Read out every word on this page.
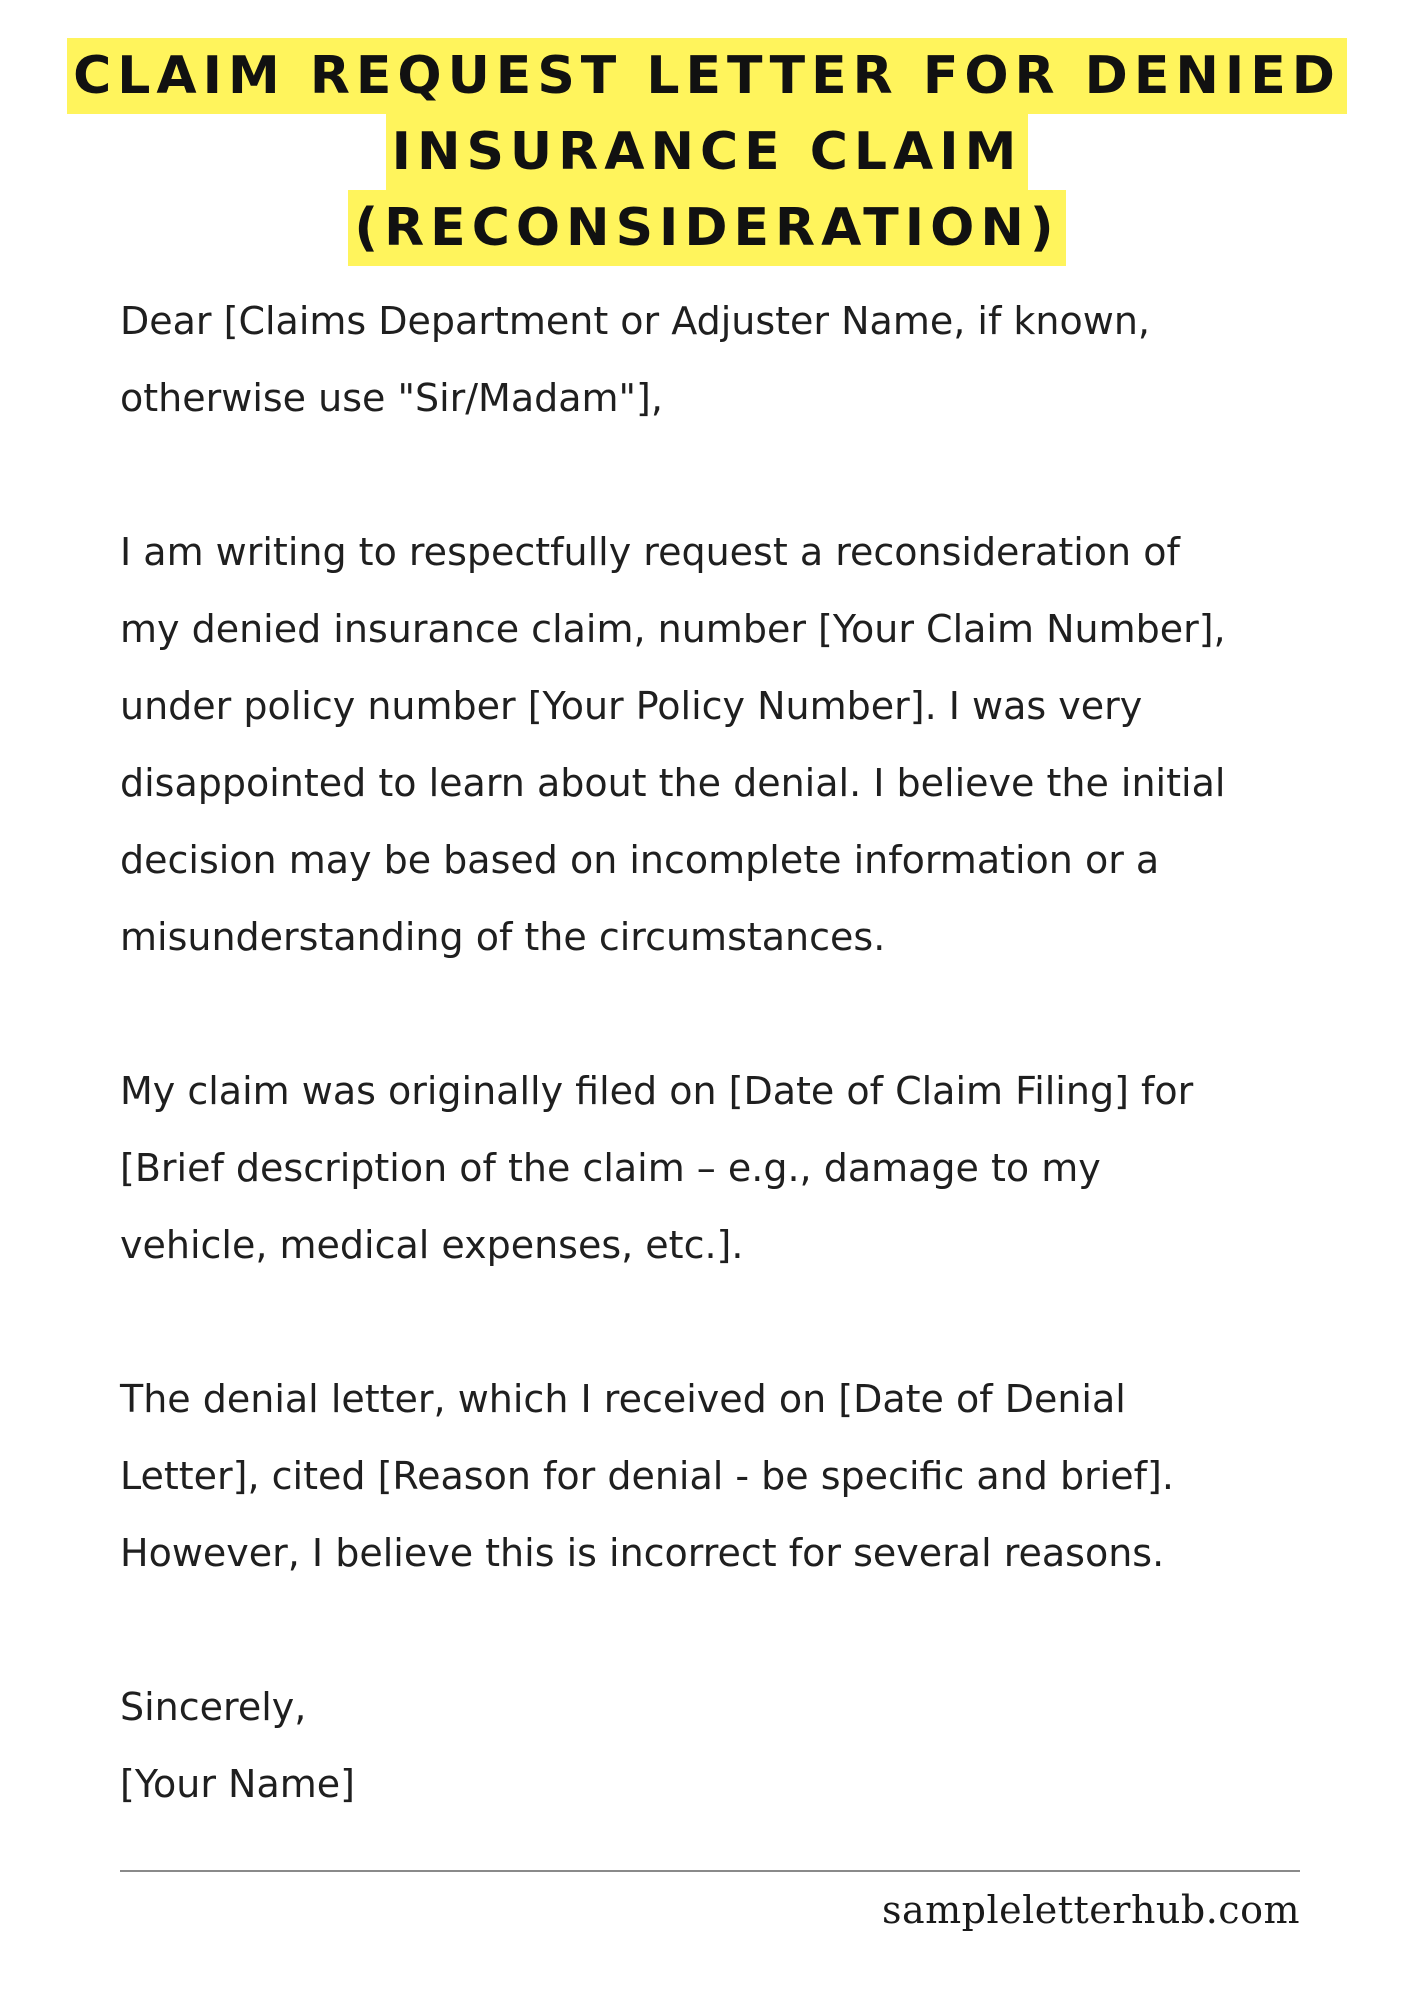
CLAIM REQUEST LETTER FOR DENIED
INSURANCE CLAIM
(RECONSIDERATION)

Dear [Claims Department or Adjuster Name, if known,
otherwise use "Sir/Madam"],

I am writing to respectfully request a reconsideration of
my denied insurance claim, number [Your Claim Number],
under policy number [Your Policy Number]. I was very
disappointed to learn about the denial. I believe the initial
decision may be based on incomplete information or a
misunderstanding of the circumstances.

My claim was originally filed on [Date of Claim Filing] for
[Brief description of the claim – e.g., damage to my
vehicle, medical expenses, etc.].

The denial letter, which I received on [Date of Denial
Letter], cited [Reason for denial - be specific and brief].
However, I believe this is incorrect for several reasons.

Sincerely,
[Your Name]
sampleletterhub.com
